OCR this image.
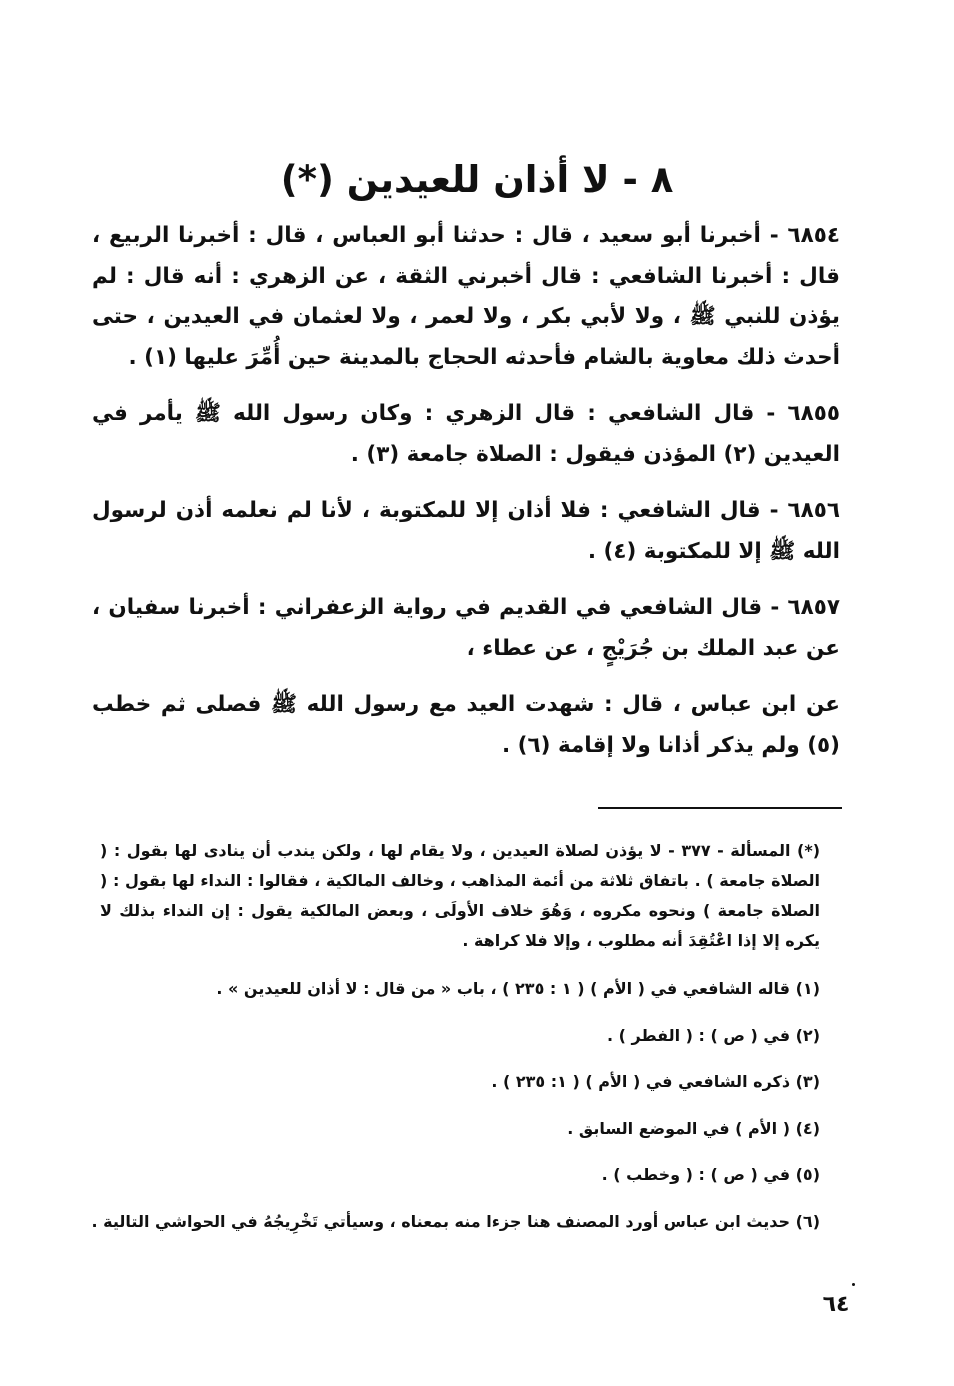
٨ - لا أذان للعيدين (*)

٦٨٥٤ - أخبرنا أبو سعيد ، قال : حدثنا أبو العباس ، قال : أخبرنا الربيع ، قال : أخبرنا الشافعي : قال أخبرني الثقة ، عن الزهري : أنه قال : لم يؤذن للنبي ﷺ ، ولا لأبي بكر ، ولا لعمر ، ولا لعثمان في العيدين ، حتى أحدث ذلك معاوية بالشام فأحدثه الحجاج بالمدينة حين أُمِّرَ عليها (١) .

٦٨٥٥ - قال الشافعي : قال الزهري : وكان رسول الله ﷺ يأمر في العيدين (٢) المؤذن فيقول : الصلاة جامعة (٣) .

٦٨٥٦ - قال الشافعي : فلا أذان إلا للمكتوبة ، لأنا لم نعلمه أذن لرسول الله ﷺ إلا للمكتوبة (٤) .

٦٨٥٧ - قال الشافعي في القديم في رواية الزعفراني : أخبرنا سفيان ، عن عبد الملك بن جُرَيْجٍ ، عن عطاء ،

عن ابن عباس ، قال : شهدت العيد مع رسول الله ﷺ فصلى ثم خطب (٥) ولم يذكر أذانا ولا إقامة (٦) .

(*) المسألة - ٣٧٧ - لا يؤذن لصلاة العيدين ، ولا يقام لها ، ولكن يندب أن ينادى لها بقول : ( الصلاة جامعة ) . باتفاق ثلاثة من أئمة المذاهب ، وخالف المالكية ، فقالوا : النداء لها بقول : ( الصلاة جامعة ) ونحوه مكروه ، وَهُوَ خلاف الأولَى ، وبعض المالكية يقول : إن النداء بذلك لا يكره إلا إذا اعْتُقِدَ أنه مطلوب ، وإلا فلا كراهة .

(١) قاله الشافعي في ( الأم ) ( ١ : ٢٣٥ ) ، باب « من قال : لا أذان للعيدين » .

(٢) في ( ص ) : ( الفطر ) .

(٣) ذكره الشافعي في ( الأم ) ( ١: ٢٣٥ ) .

(٤) ( الأم ) في الموضع السابق .

(٥) في ( ص ) : ( وخطب ) .

(٦) حديث ابن عباس أورد المصنف هنا جزءا منه بمعناه ، وسيأتي تَخْرِيجُهُ في الحواشي التالية .

٦٤
